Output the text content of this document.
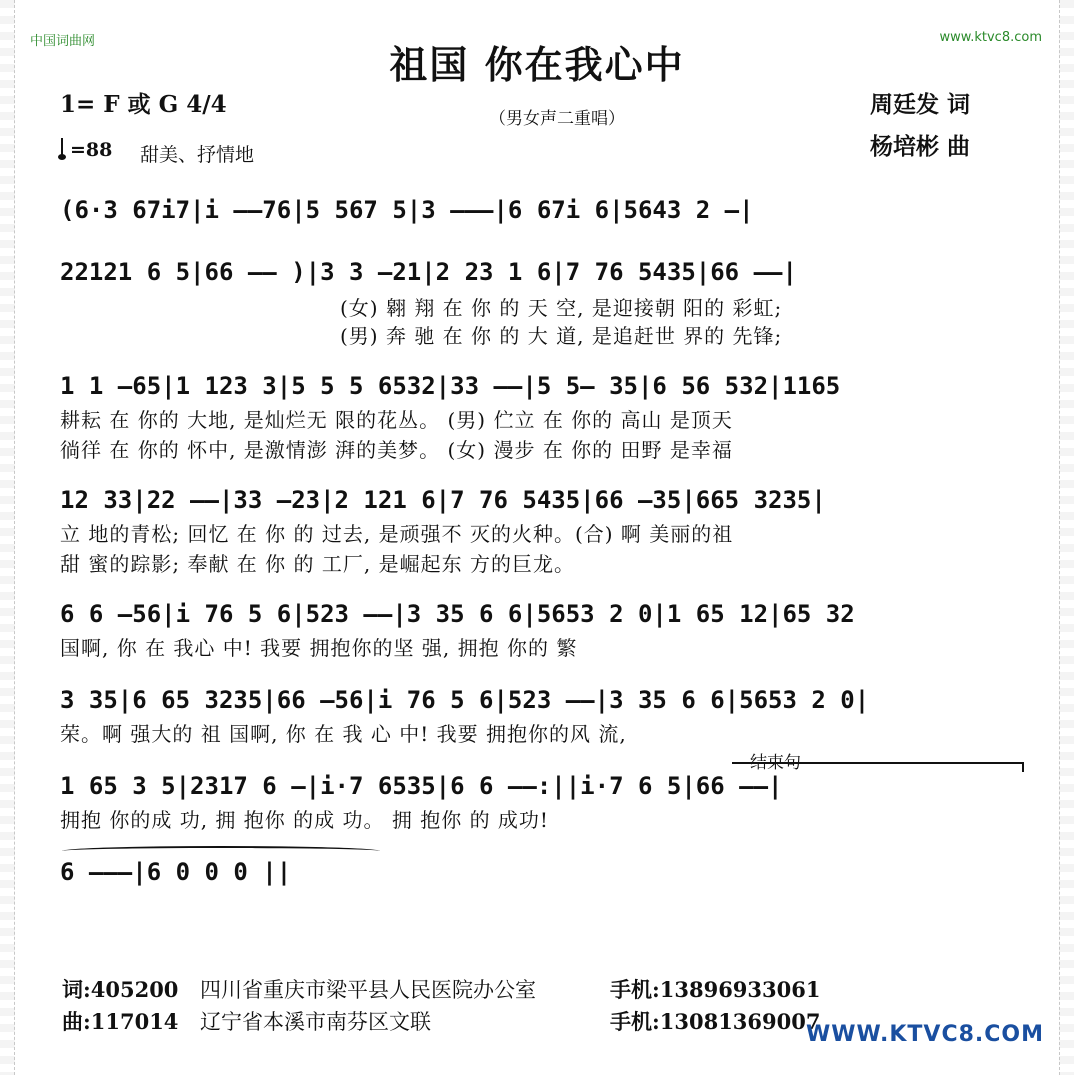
中国词曲网	www.ktvc8.com
祖国 你在我心中
1= F 或 G 4/4
（男女声二重唱）
=88 甜美、抒情地
周廷发 词
杨培彬 曲
(6·3 67i7|i ——76|5 567 5|3 ———|6 67i 6|5643 2 —|
22121 6 5|66 —— )|3 3 —21|2 23 1 6|7 76 5435|66 ——|
(女) 翱 翔 在 你 的 天 空, 是迎接朝 阳的 彩虹;
(男) 奔 驰 在 你 的 大 道, 是追赶世 界的 先锋;
1 1 —65|1 123 3|5 5 5 6532|33 ——|5 5— 35|6 56 532|1165
耕耘 在 你的 大地, 是灿烂无 限的花丛。 (男) 伫立 在 你的 高山 是顶天
徜徉 在 你的 怀中, 是激情澎 湃的美梦。 (女) 漫步 在 你的 田野 是幸福
12 33|22 ——|33 —23|2 121 6|7 76 5435|66 —35|665 3235|
立 地的青松; 回忆 在 你 的 过去, 是顽强不 灭的火种。(合) 啊 美丽的祖
甜 蜜的踪影; 奉献 在 你 的 工厂, 是崛起东 方的巨龙。
6 6 —56|i 76 5 6|523 ——|3 35 6 6|5653 2 0|1 65 12|65 32
国啊, 你 在 我心 中! 我要 拥抱你的坚 强, 拥抱 你的 繁
3 35|6 65 3235|66 —56|i 76 5 6|523 ——|3 35 6 6|5653 2 0|
荣。啊 强大的 祖 国啊, 你 在 我 心 中! 我要 拥抱你的风 流,
结束句
1 65 3 5|2317 6 —|i·7 6535|6 6 ——:||i·7 6 5|66 ——|
拥抱 你的成 功, 拥 抱你 的成 功。 拥 抱你 的 成功!
6 ———|6 0 0 0 ||
词:405200 四川省重庆市梁平县人民医院办公室	手机:13896933061
曲:117014 辽宁省本溪市南芬区文联	手机:13081369007
WWW.KTVC8.COM
